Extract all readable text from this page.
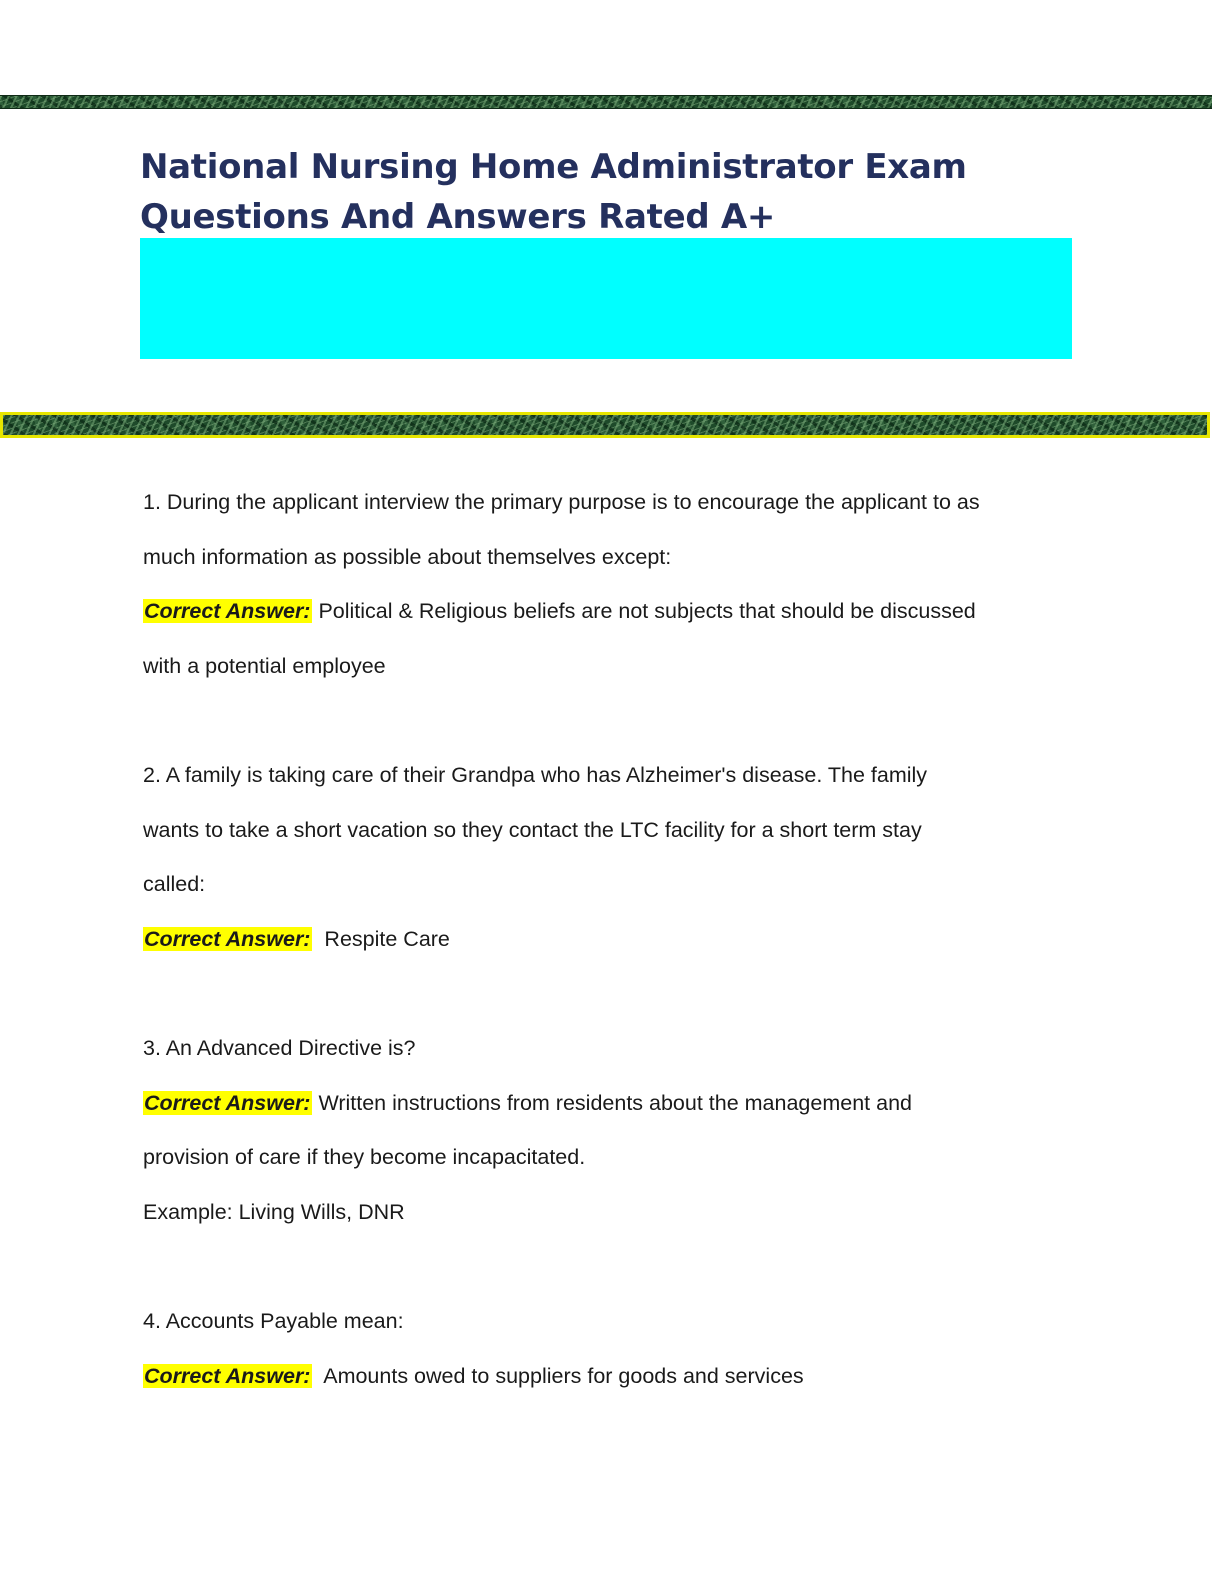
National Nursing Home Administrator Exam
Questions And Answers Rated A+

1. During the applicant interview the primary purpose is to encourage the applicant to as

much information as possible about themselves except:

Correct Answer: Political & Religious beliefs are not subjects that should be discussed

with a potential employee

2. A family is taking care of their Grandpa who has Alzheimer's disease. The family

wants to take a short vacation so they contact the LTC facility for a short term stay

called:

Correct Answer:  Respite Care

3. An Advanced Directive is?

Correct Answer: Written instructions from residents about the management and

provision of care if they become incapacitated.

Example: Living Wills, DNR

4. Accounts Payable mean:

Correct Answer:  Amounts owed to suppliers for goods and services
